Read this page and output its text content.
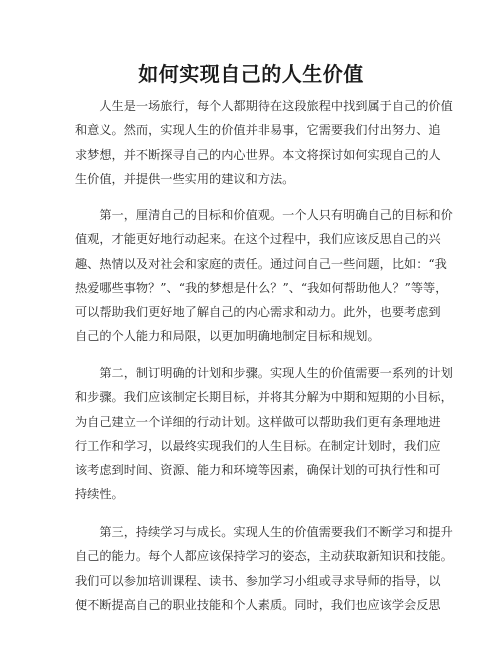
如何实现自己的人生价值
　　人生是一场旅行，每个人都期待在这段旅程中找到属于自己的价值
和意义。然而，实现人生的价值并非易事，它需要我们付出努力、追
求梦想，并不断探寻自己的内心世界。本文将探讨如何实现自己的人
生价值，并提供一些实用的建议和方法。
　　第一，厘清自己的目标和价值观。一个人只有明确自己的目标和价
值观，才能更好地行动起来。在这个过程中，我们应该反思自己的兴
趣、热情以及对社会和家庭的责任。通过问自己一些问题，比如：“我
热爱哪些事物？”、“我的梦想是什么？”、“我如何帮助他人？”等等，
可以帮助我们更好地了解自己的内心需求和动力。此外，也要考虑到
自己的个人能力和局限，以更加明确地制定目标和规划。
　　第二，制订明确的计划和步骤。实现人生的价值需要一系列的计划
和步骤。我们应该制定长期目标，并将其分解为中期和短期的小目标，
为自己建立一个详细的行动计划。这样做可以帮助我们更有条理地进
行工作和学习，以最终实现我们的人生目标。在制定计划时，我们应
该考虑到时间、资源、能力和环境等因素，确保计划的可执行性和可
持续性。
　　第三，持续学习与成长。实现人生的价值需要我们不断学习和提升
自己的能力。每个人都应该保持学习的姿态，主动获取新知识和技能。
我们可以参加培训课程、读书、参加学习小组或寻求导师的指导，以
便不断提高自己的职业技能和个人素质。同时，我们也应该学会反思
